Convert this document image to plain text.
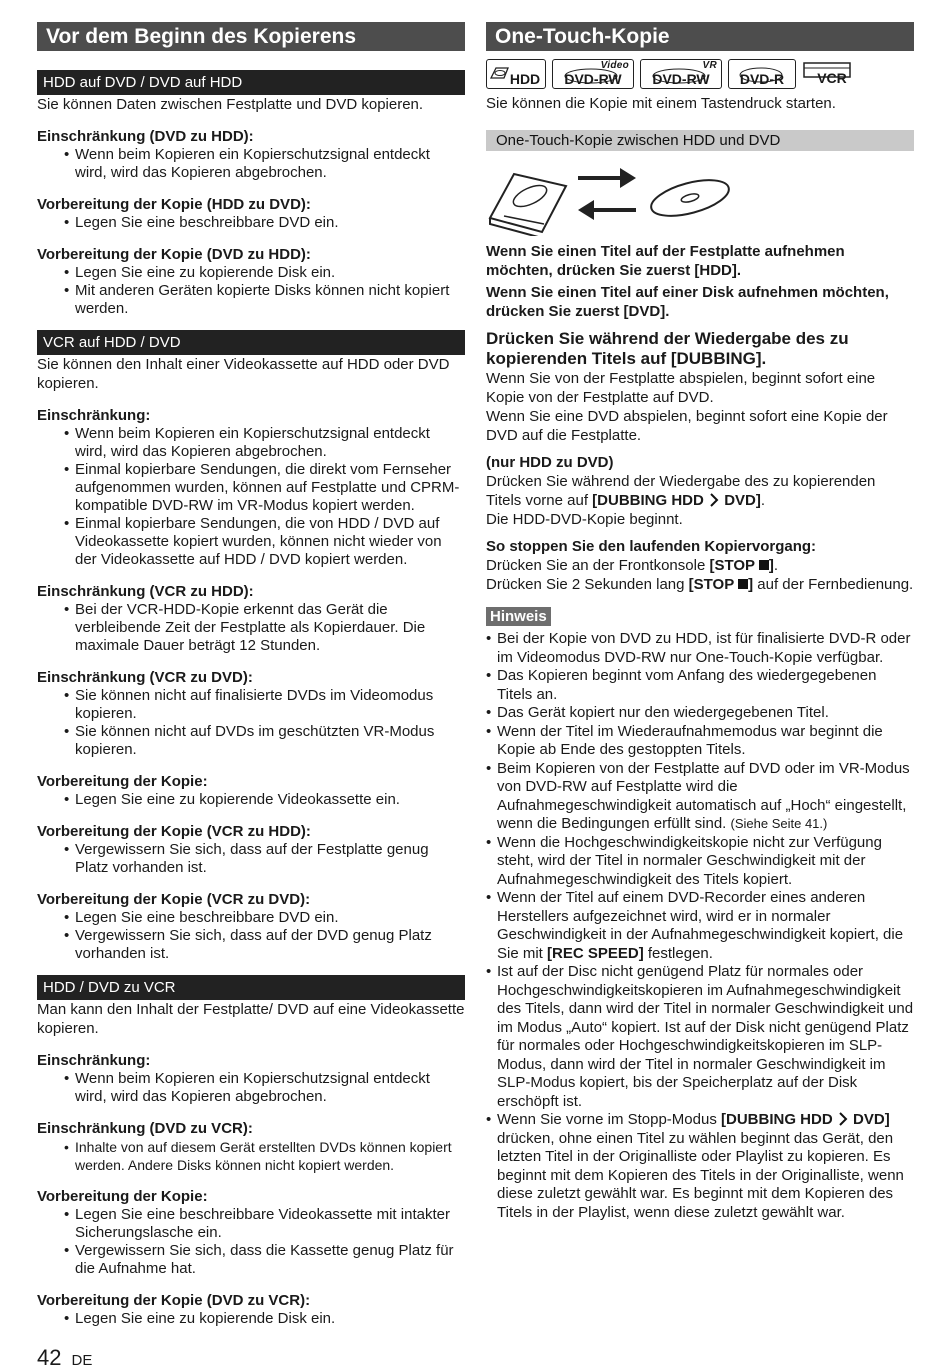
Vor dem Beginn des Kopierens
HDD auf DVD / DVD auf HDD

Sie können Daten zwischen Festplatte und DVD kopieren.

Einschränkung (DVD zu HDD):
• Wenn beim Kopieren ein Kopierschutzsignal entdeckt wird, wird das Kopieren abgebrochen.
Vorbereitung der Kopie (HDD zu DVD):
• Legen Sie eine beschreibbare DVD ein.
Vorbereitung der Kopie (DVD zu HDD):
• Legen Sie eine zu kopierende Disk ein.
• Mit anderen Geräten kopierte Disks können nicht kopiert werden.
VCR auf HDD / DVD

Sie können den Inhalt einer Videokassette auf HDD oder DVD kopieren.

Einschränkung:
• Wenn beim Kopieren ein Kopierschutzsignal entdeckt wird, wird das Kopieren abgebrochen.
• Einmal kopierbare Sendungen, die direkt vom Fernseher aufgenommen wurden, können auf Festplatte und CPRM-kompatible DVD-RW im VR-Modus kopiert werden.
• Einmal kopierbare Sendungen, die von HDD / DVD auf Videokassette kopiert wurden, können nicht wieder von der Videokassette auf HDD / DVD kopiert werden.
Einschränkung (VCR zu HDD):
• Bei der VCR-HDD-Kopie erkennt das Gerät die verbleibende Zeit der Festplatte als Kopierdauer. Die maximale Dauer beträgt 12 Stunden.
Einschränkung (VCR zu DVD):
• Sie können nicht auf finalisierte DVDs im Videomodus kopieren.
• Sie können nicht auf DVDs im geschützten VR-Modus kopieren.
Vorbereitung der Kopie:
• Legen Sie eine zu kopierende Videokassette ein.
Vorbereitung der Kopie (VCR zu HDD):
• Vergewissern Sie sich, dass auf der Festplatte genug Platz vorhanden ist.
Vorbereitung der Kopie (VCR zu DVD):
• Legen Sie eine beschreibbare DVD ein.
• Vergewissern Sie sich, dass auf der DVD genug Platz vorhanden ist.
HDD / DVD zu VCR

Man kann den Inhalt der Festplatte/ DVD auf eine Videokassette kopieren.

Einschränkung:
• Wenn beim Kopieren ein Kopierschutzsignal entdeckt wird, wird das Kopieren abgebrochen.
Einschränkung (DVD zu VCR):
• Inhalte von auf diesem Gerät erstellten DVDs können kopiert werden. Andere Disks können nicht kopiert werden.
Vorbereitung der Kopie:
• Legen Sie eine beschreibbare Videokassette mit intakter Sicherungslasche ein.
• Vergewissern Sie sich, dass die Kassette genug Platz für die Aufnahme hat.
Vorbereitung der Kopie (DVD zu VCR):
• Legen Sie eine zu kopierende Disk ein.
One-Touch-Kopie
HDD
Video
DVD-RW
VR
DVD-RW DVD-R VCR

Sie können die Kopie mit einem Tastendruck starten.

One-Touch-Kopie zwischen HDD und DVD
Wenn Sie einen Titel auf der Festplatte aufnehmen möchten, drücken Sie zuerst [HDD].
Wenn Sie einen Titel auf einer Disk aufnehmen möchten, drücken Sie zuerst [DVD].
Drücken Sie während der Wiedergabe des zu kopierenden Titels auf [DUBBING].

Wenn Sie von der Festplatte abspielen, beginnt sofort eine Kopie von der Festplatte auf DVD.

Wenn Sie eine DVD abspielen, beginnt sofort eine Kopie der DVD auf die Festplatte.

(nur HDD zu DVD)

Drücken Sie während der Wiedergabe des zu kopierenden Titels vorne auf [DUBBING HDD DVD].

Die HDD-DVD-Kopie beginnt.

So stoppen Sie den laufenden Kopiervorgang:

Drücken Sie an der Frontkonsole [STOP ].

Drücken Sie 2 Sekunden lang [STOP ] auf der Fernbedienung.

Hinweis
• Bei der Kopie von DVD zu HDD, ist für finalisierte DVD-R oder im Videomodus DVD-RW nur One-Touch-Kopie verfügbar.
• Das Kopieren beginnt vom Anfang des wiedergegebenen Titels an.
• Das Gerät kopiert nur den wiedergegebenen Titel.
• Wenn der Titel im Wiederaufnahmemodus war beginnt die Kopie ab Ende des gestoppten Titels.
• Beim Kopieren von der Festplatte auf DVD oder im VR-Modus von DVD-RW auf Festplatte wird die Aufnahmegeschwindigkeit automatisch auf „Hoch“ eingestellt, wenn die Bedingungen erfüllt sind. (Siehe Seite 41.)
• Wenn die Hochgeschwindigkeitskopie nicht zur Verfügung steht, wird der Titel in normaler Geschwindigkeit mit der Aufnahmegeschwindigkeit des Titels kopiert.
• Wenn der Titel auf einem DVD-Recorder eines anderen Herstellers aufgezeichnet wird, wird er in normaler Geschwindigkeit in der Aufnahmegeschwindigkeit kopiert, die Sie mit [REC SPEED] festlegen.
• Ist auf der Disc nicht genügend Platz für normales oder Hochgeschwindigkeitskopieren im Aufnahmegeschwindigkeit des Titels, dann wird der Titel in normaler Geschwindigkeit und im Modus „Auto“ kopiert. Ist auf der Disk nicht genügend Platz für normales oder Hochgeschwindigkeitskopieren im SLP-Modus, dann wird der Titel in normaler Geschwindigkeit im SLP-Modus kopiert, bis der Speicherplatz auf der Disk erschöpft ist.
• Wenn Sie vorne im Stopp-Modus [DUBBING HDD DVD] drücken, ohne einen Titel zu wählen beginnt das Gerät, den letzten Titel in der Originalliste oder Playlist zu kopieren. Es beginnt mit dem Kopieren des Titels in der Originalliste, wenn diese zuletzt gewählt war. Es beginnt mit dem Kopieren des Titels in der Playlist, wenn diese zuletzt gewählt war.
42 DE
